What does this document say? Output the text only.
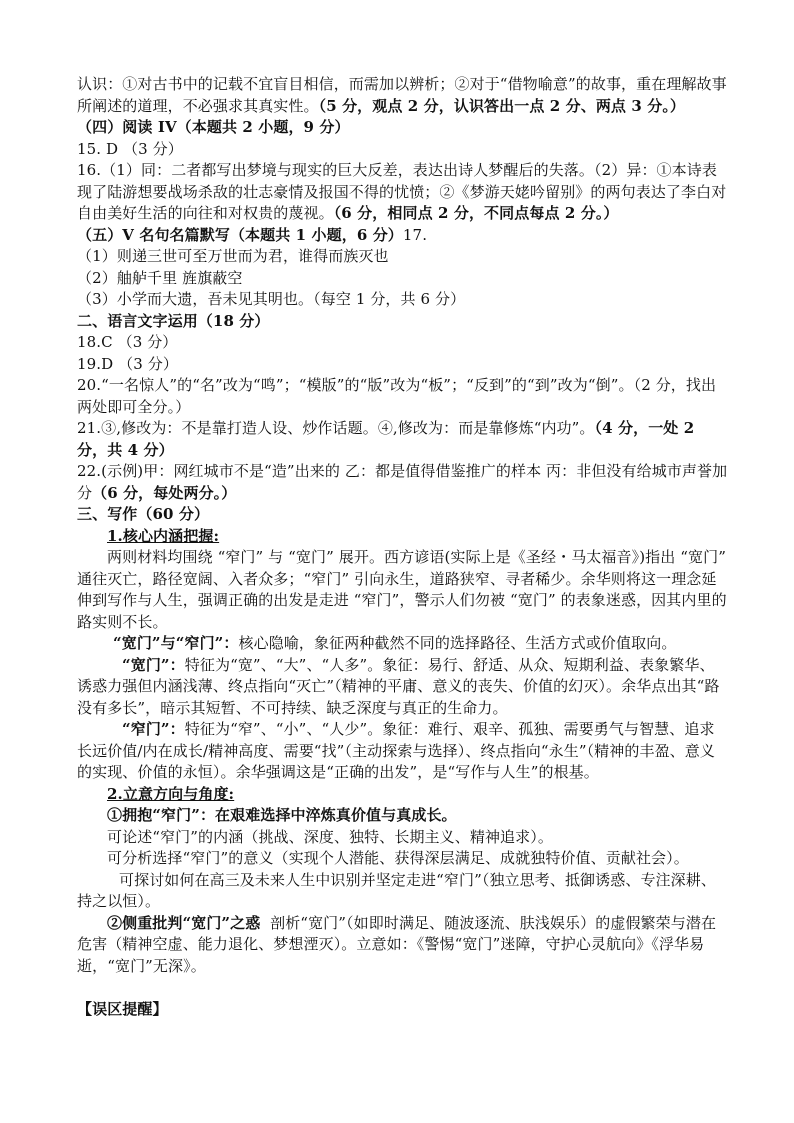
认识：①对古书中的记载不宜盲目相信，而需加以辨析；②对于“借物喻意”的故事，重在理解故事所阐述的道理，不必强求其真实性。（5 分，观点 2 分，认识答出一点 2 分、两点 3 分。）

（四）阅读 IV（本题共 2 小题，9 分）

15. D （3 分）

16.（1）同：二者都写出梦境与现实的巨大反差，表达出诗人梦醒后的失落。（2）异：①本诗表现了陆游想要战场杀敌的壮志豪情及报国不得的忧愤；②《梦游天姥吟留别》的两句表达了李白对自由美好生活的向往和对权贵的蔑视。（6 分，相同点 2 分，不同点每点 2 分。）

（五）V 名句名篇默写（本题共 1 小题，6 分）17.

（1）则递三世可至万世而为君，谁得而族灭也

（2）舳舻千里 旌旗蔽空

（3）小学而大遗，吾未见其明也。（每空 1 分，共 6 分）

二、语言文字运用（18 分）

18.C （3 分）

19.D （3 分）

20.“一名惊人”的“名”改为“鸣”；“模版”的“版”改为“板”；“反到”的“到”改为“倒”。（2 分，找出两处即可全分。）

21.③,修改为：不是靠打造人设、炒作话题。④,修改为：而是靠修炼“内功”。（4 分，一处 2 分，共 4 分）

22.(示例)甲：网红城市不是“造”出来的 乙：都是值得借鉴推广的样本 丙：非但没有给城市声誉加分（6 分，每处两分。）

三、写作（60 分）

1.核心内涵把握:

两则材料均围绕 “窄门” 与 “宽门” 展开。西方谚语(实际上是《圣经・马太福音》)指出 “宽门” 通往灭亡，路径宽阔、入者众多；“窄门” 引向永生，道路狭窄、寻者稀少。余华则将这一理念延伸到写作与人生，强调正确的出发是走进 “窄门”，警示人们勿被 “宽门” 的表象迷惑，因其内里的路实则不长。

“宽门”与“窄门”：核心隐喻，象征两种截然不同的选择路径、生活方式或价值取向。

“宽门”：特征为“宽”、“大”、“人多”。象征：易行、舒适、从众、短期利益、表象繁华、诱惑力强但内涵浅薄、终点指向“灭亡”（精神的平庸、意义的丧失、价值的幻灭）。余华点出其“路没有多长”，暗示其短暂、不可持续、缺乏深度与真正的生命力。

“窄门”：特征为“窄”、“小”、“人少”。象征：难行、艰辛、孤独、需要勇气与智慧、追求长远价值/内在成长/精神高度、需要“找”（主动探索与选择）、终点指向“永生”（精神的丰盈、意义的实现、价值的永恒）。余华强调这是“正确的出发”，是“写作与人生”的根基。

2.立意方向与角度:

①拥抱“窄门”：在艰难选择中淬炼真价值与真成长。

可论述“窄门”的内涵（挑战、深度、独特、长期主义、精神追求）。

可分析选择“窄门”的意义（实现个人潜能、获得深层满足、成就独特价值、贡献社会）。

可探讨如何在高三及未来人生中识别并坚定走进“窄门”（独立思考、抵御诱惑、专注深耕、持之以恒）。

②侧重批判“宽门”之惑 剖析“宽门”（如即时满足、随波逐流、肤浅娱乐）的虚假繁荣与潜在危害（精神空虚、能力退化、梦想湮灭）。立意如：《警惕“宽门”迷障，守护心灵航向》《浮华易逝，“宽门”无深》。

【误区提醒】
